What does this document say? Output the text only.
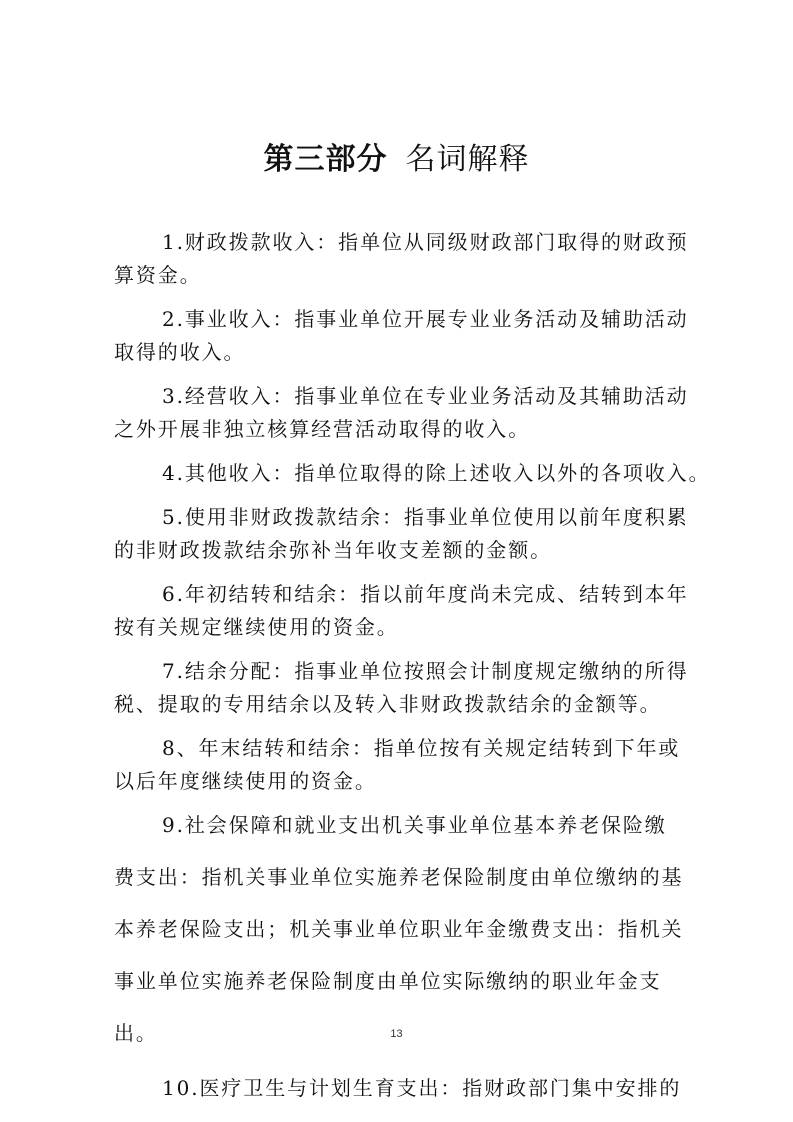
第三部分 名词解释
1.财政拨款收入：指单位从同级财政部门取得的财政预
算资金。
2.事业收入：指事业单位开展专业业务活动及辅助活动
取得的收入。
3.经营收入：指事业单位在专业业务活动及其辅助活动
之外开展非独立核算经营活动取得的收入。
4.其他收入：指单位取得的除上述收入以外的各项收入。
5.使用非财政拨款结余：指事业单位使用以前年度积累
的非财政拨款结余弥补当年收支差额的金额。
6.年初结转和结余：指以前年度尚未完成、结转到本年
按有关规定继续使用的资金。
7.结余分配：指事业单位按照会计制度规定缴纳的所得
税、提取的专用结余以及转入非财政拨款结余的金额等。
8、年末结转和结余：指单位按有关规定结转到下年或
以后年度继续使用的资金。
9.社会保障和就业支出机关事业单位基本养老保险缴
费支出：指机关事业单位实施养老保险制度由单位缴纳的基
本养老保险支出；机关事业单位职业年金缴费支出：指机关
事业单位实施养老保险制度由单位实际缴纳的职业年金支
出。
10.医疗卫生与计划生育支出：指财政部门集中安排的
13
